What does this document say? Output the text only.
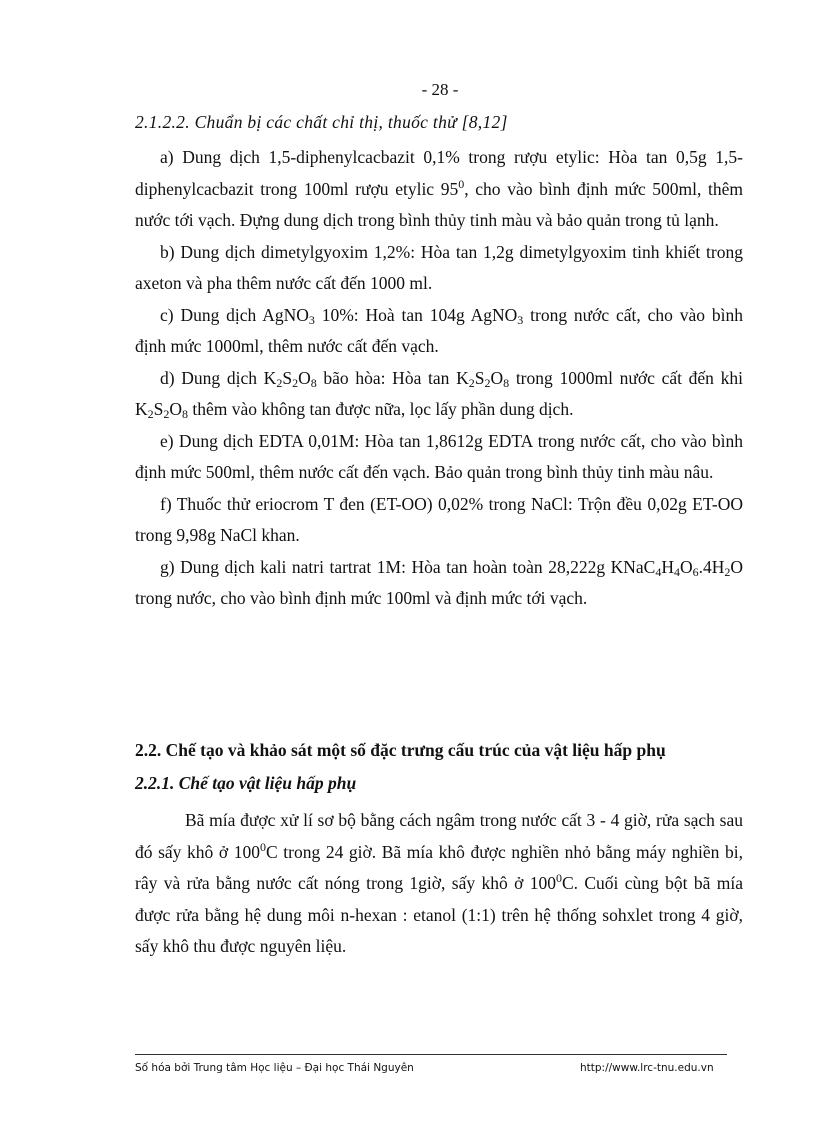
- 28 -
2.1.2.2. Chuẩn bị các chất chỉ thị, thuốc thử [8,12]

a) Dung dịch 1,5-diphenylcacbazit 0,1% trong rượu etylic: Hòa tan 0,5g 1,5-diphenylcacbazit trong 100ml rượu etylic $95^0$, cho vào bình định mức 500ml, thêm nước tới vạch. Đựng dung dịch trong bình thủy tinh màu và bảo quản trong tủ lạnh.

b) Dung dịch dimetylgyoxim 1,2%: Hòa tan 1,2g dimetylgyoxim tinh khiết trong axeton và pha thêm nước cất đến 1000 ml.

c) Dung dịch AgNO$_3$ 10%: Hoà tan 104g AgNO$_3$ trong nước cất, cho vào bình định mức 1000ml, thêm nước cất đến vạch.

d) Dung dịch $K_2S_2O_8$ bão hòa: Hòa $\tan K_2S_2O_8$ trong 1000ml nước cất đến khi $K_2S_2O_8$ thêm vào không tan được nữa, lọc lấy phần dung dịch.

e) Dung dịch EDTA 0,01M: Hòa tan 1,8612g EDTA trong nước cất, cho vào bình định mức 500ml, thêm nước cất đến vạch. Bảo quản trong bình thủy tinh màu nâu.

f) Thuốc thử eriocrom T đen (ET-OO) 0,02% trong NaCl: Trộn đều 0,02g ET-OO trong 9,98g NaCl khan.

g) Dung dịch kali natri tartrat 1M: Hòa tan hoàn toàn 28,222g $KNaC_4H_4O_6.4H_2O$ trong nước, cho vào bình định mức 100ml và định mức tới vạch.

2.2. Chế tạo và khảo sát một số đặc trưng cấu trúc của vật liệu hấp phụ
2.2.1. Chế tạo vật liệu hấp phụ

Bã mía được xử lí sơ bộ bằng cách ngâm trong nước cất 3 - 4 giờ, rửa sạch sau đó sấy khô ở $100^0C$ trong 24 giờ. Bã mía khô được nghiền nhỏ bằng máy nghiền bi, rây và rửa bằng nước cất nóng trong 1giờ, sấy khô ở $100^0C$. Cuối cùng bột bã mía được rửa bằng hệ dung môi n-hexan : etanol (1:1) trên hệ thống sohxlet trong 4 giờ, sấy khô thu được nguyên liệu.

Số hóa bởi Trung tâm Học liệu – Đại học Thái Nguyên	http://www.lrc-tnu.edu.vn
